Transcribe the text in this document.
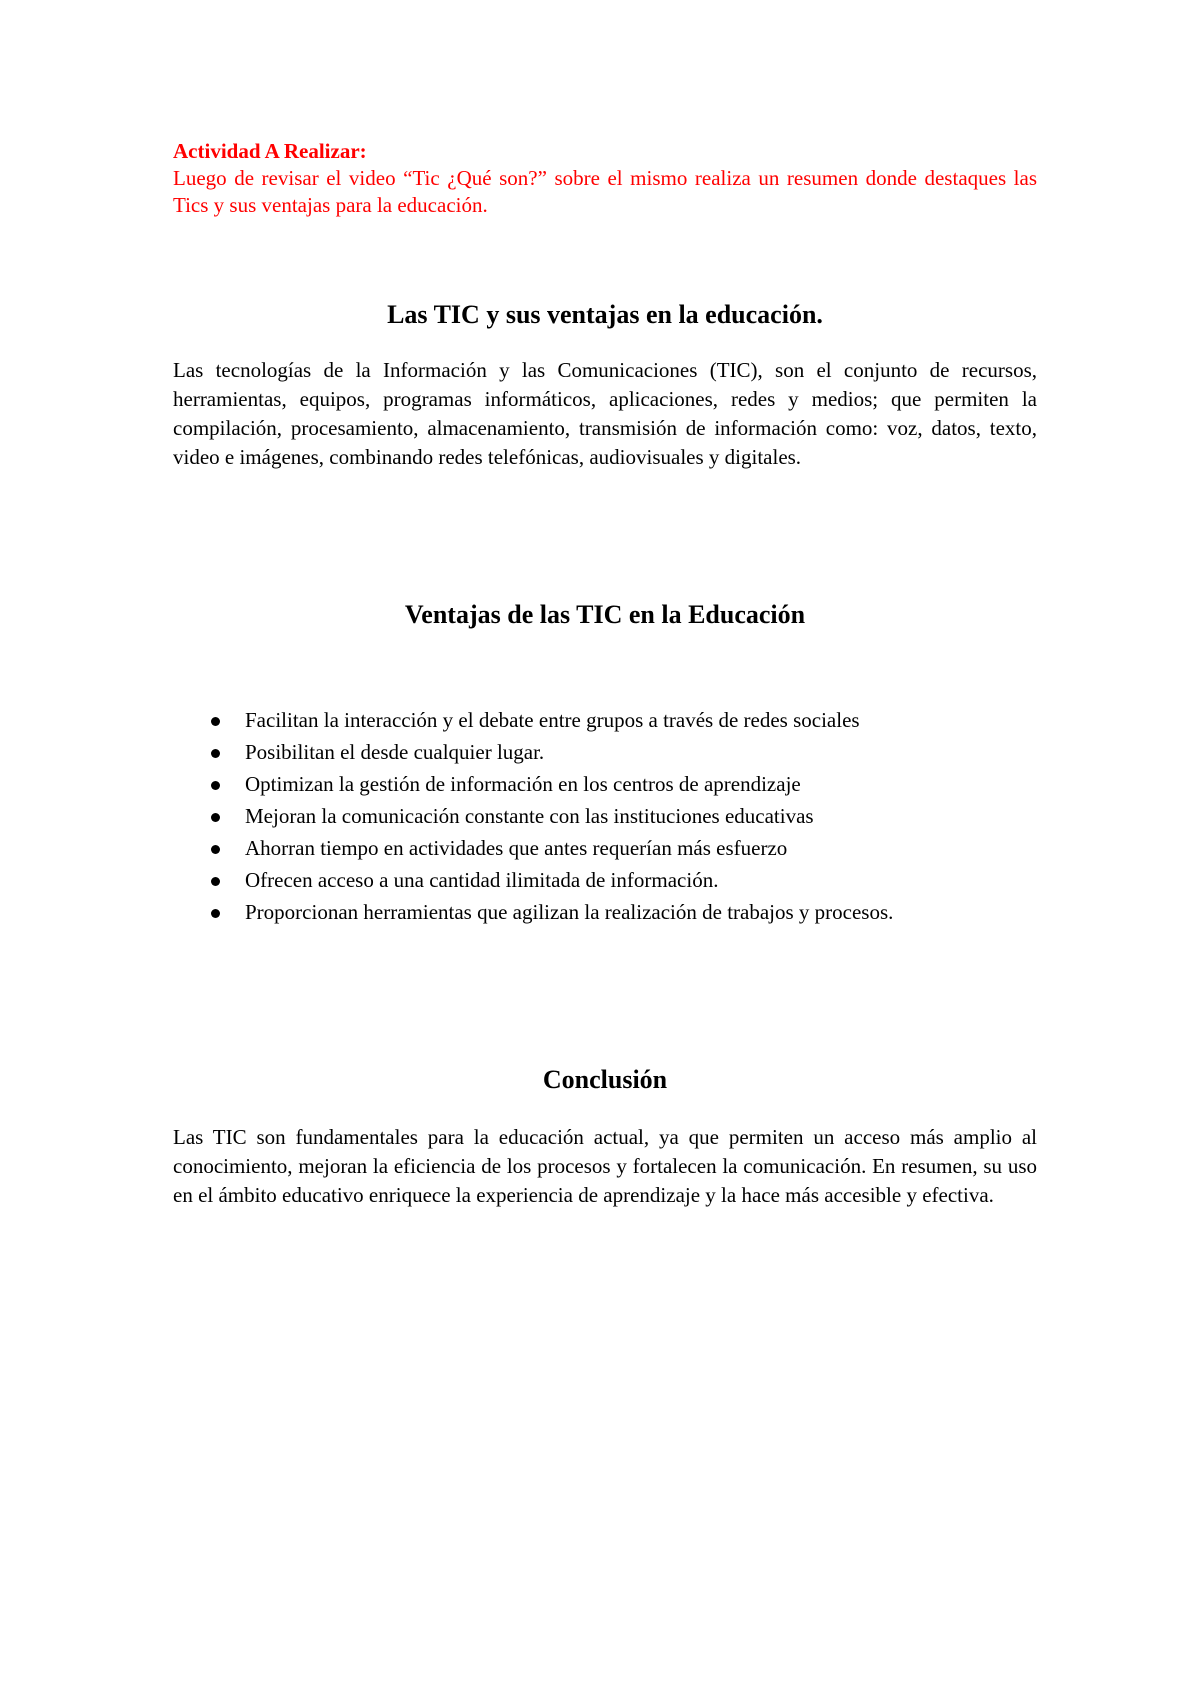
Actividad A Realizar:
Luego de revisar el video “Tic ¿Qué son?” sobre el mismo realiza un resumen donde destaques las Tics y sus ventajas para la educación.
Las TIC y sus ventajas en la educación.

Las tecnologías de la Información y las Comunicaciones (TIC), son el conjunto de recursos, herramientas, equipos, programas informáticos, aplicaciones, redes y medios; que permiten la compilación, procesamiento, almacenamiento, transmisión de información como: voz, datos, texto, video e imágenes, combinando redes telefónicas, audiovisuales y digitales.

Ventajas de las TIC en la Educación
Facilitan la interacción y el debate entre grupos a través de redes sociales
Posibilitan el desde cualquier lugar.
Optimizan la gestión de información en los centros de aprendizaje
Mejoran la comunicación constante con las instituciones educativas
Ahorran tiempo en actividades que antes requerían más esfuerzo
Ofrecen acceso a una cantidad ilimitada de información.
Proporcionan herramientas que agilizan la realización de trabajos y procesos.
Conclusión

Las TIC son fundamentales para la educación actual, ya que permiten un acceso más amplio al conocimiento, mejoran la eficiencia de los procesos y fortalecen la comunicación. En resumen, su uso en el ámbito educativo enriquece la experiencia de aprendizaje y la hace más accesible y efectiva.
